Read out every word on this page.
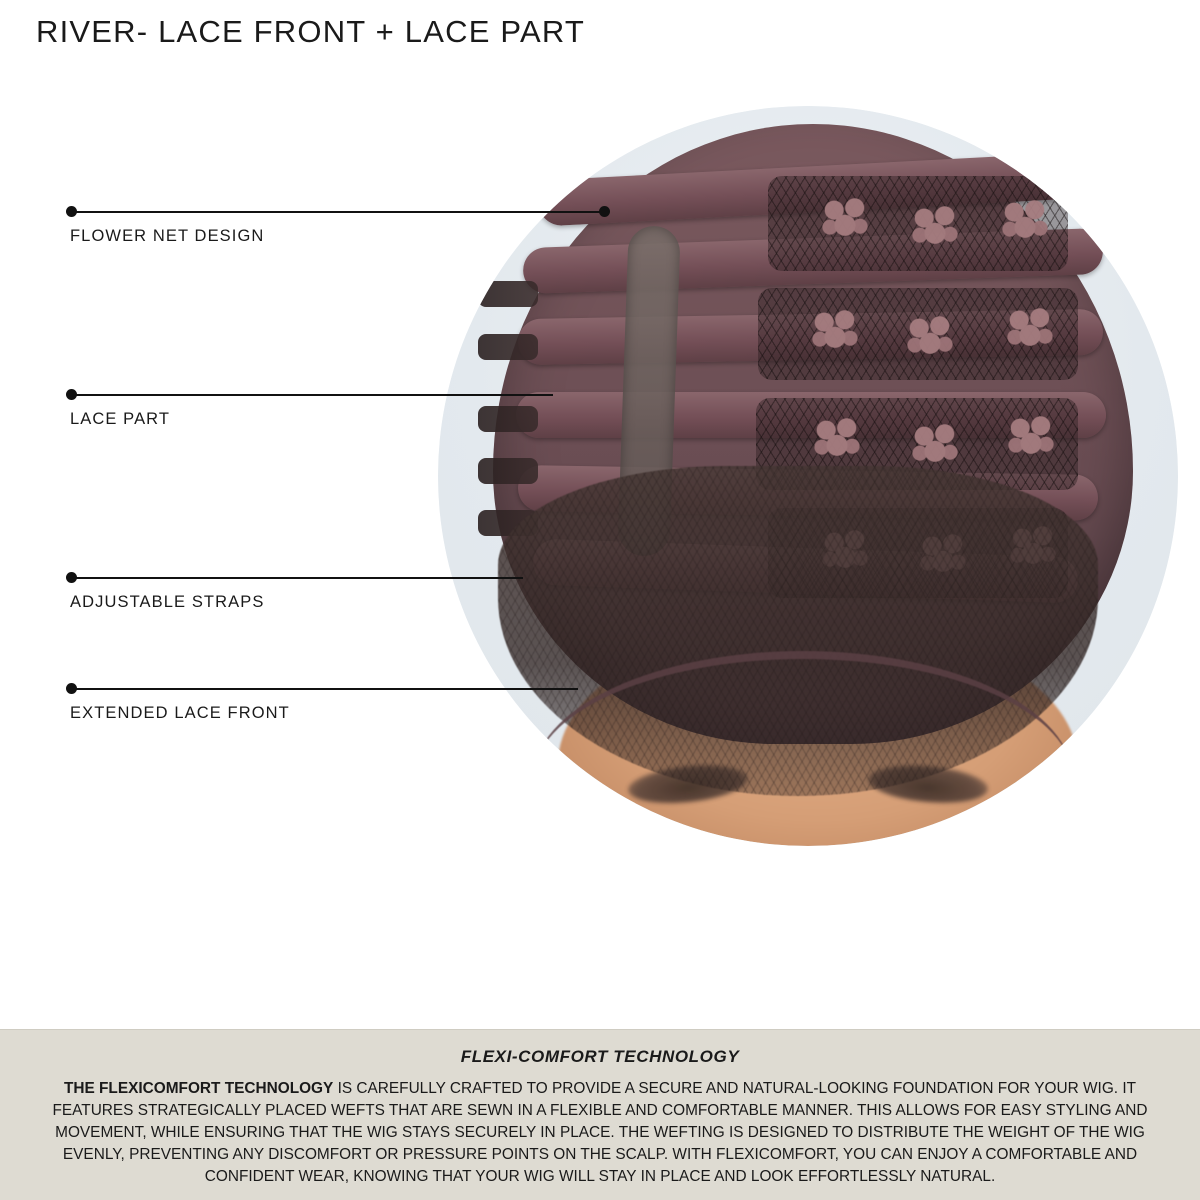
RIVER- LACE FRONT + LACE PART
FLOWER NET DESIGN
LACE PART
ADJUSTABLE STRAPS
EXTENDED LACE FRONT
FLEXI-COMFORT TECHNOLOGY
THE FLEXICOMFORT TECHNOLOGY IS CAREFULLY CRAFTED TO PROVIDE A SECURE AND NATURAL-LOOKING FOUNDATION FOR YOUR WIG. IT FEATURES STRATEGICALLY PLACED WEFTS THAT ARE SEWN IN A FLEXIBLE AND COMFORTABLE MANNER. THIS ALLOWS FOR EASY STYLING AND MOVEMENT, WHILE ENSURING THAT THE WIG STAYS SECURELY IN PLACE. THE WEFTING IS DESIGNED TO DISTRIBUTE THE WEIGHT OF THE WIG EVENLY, PREVENTING ANY DISCOMFORT OR PRESSURE POINTS ON THE SCALP. WITH FLEXICOMFORT, YOU CAN ENJOY A COMFORTABLE AND CONFIDENT WEAR, KNOWING THAT YOUR WIG WILL STAY IN PLACE AND LOOK EFFORTLESSLY NATURAL.
